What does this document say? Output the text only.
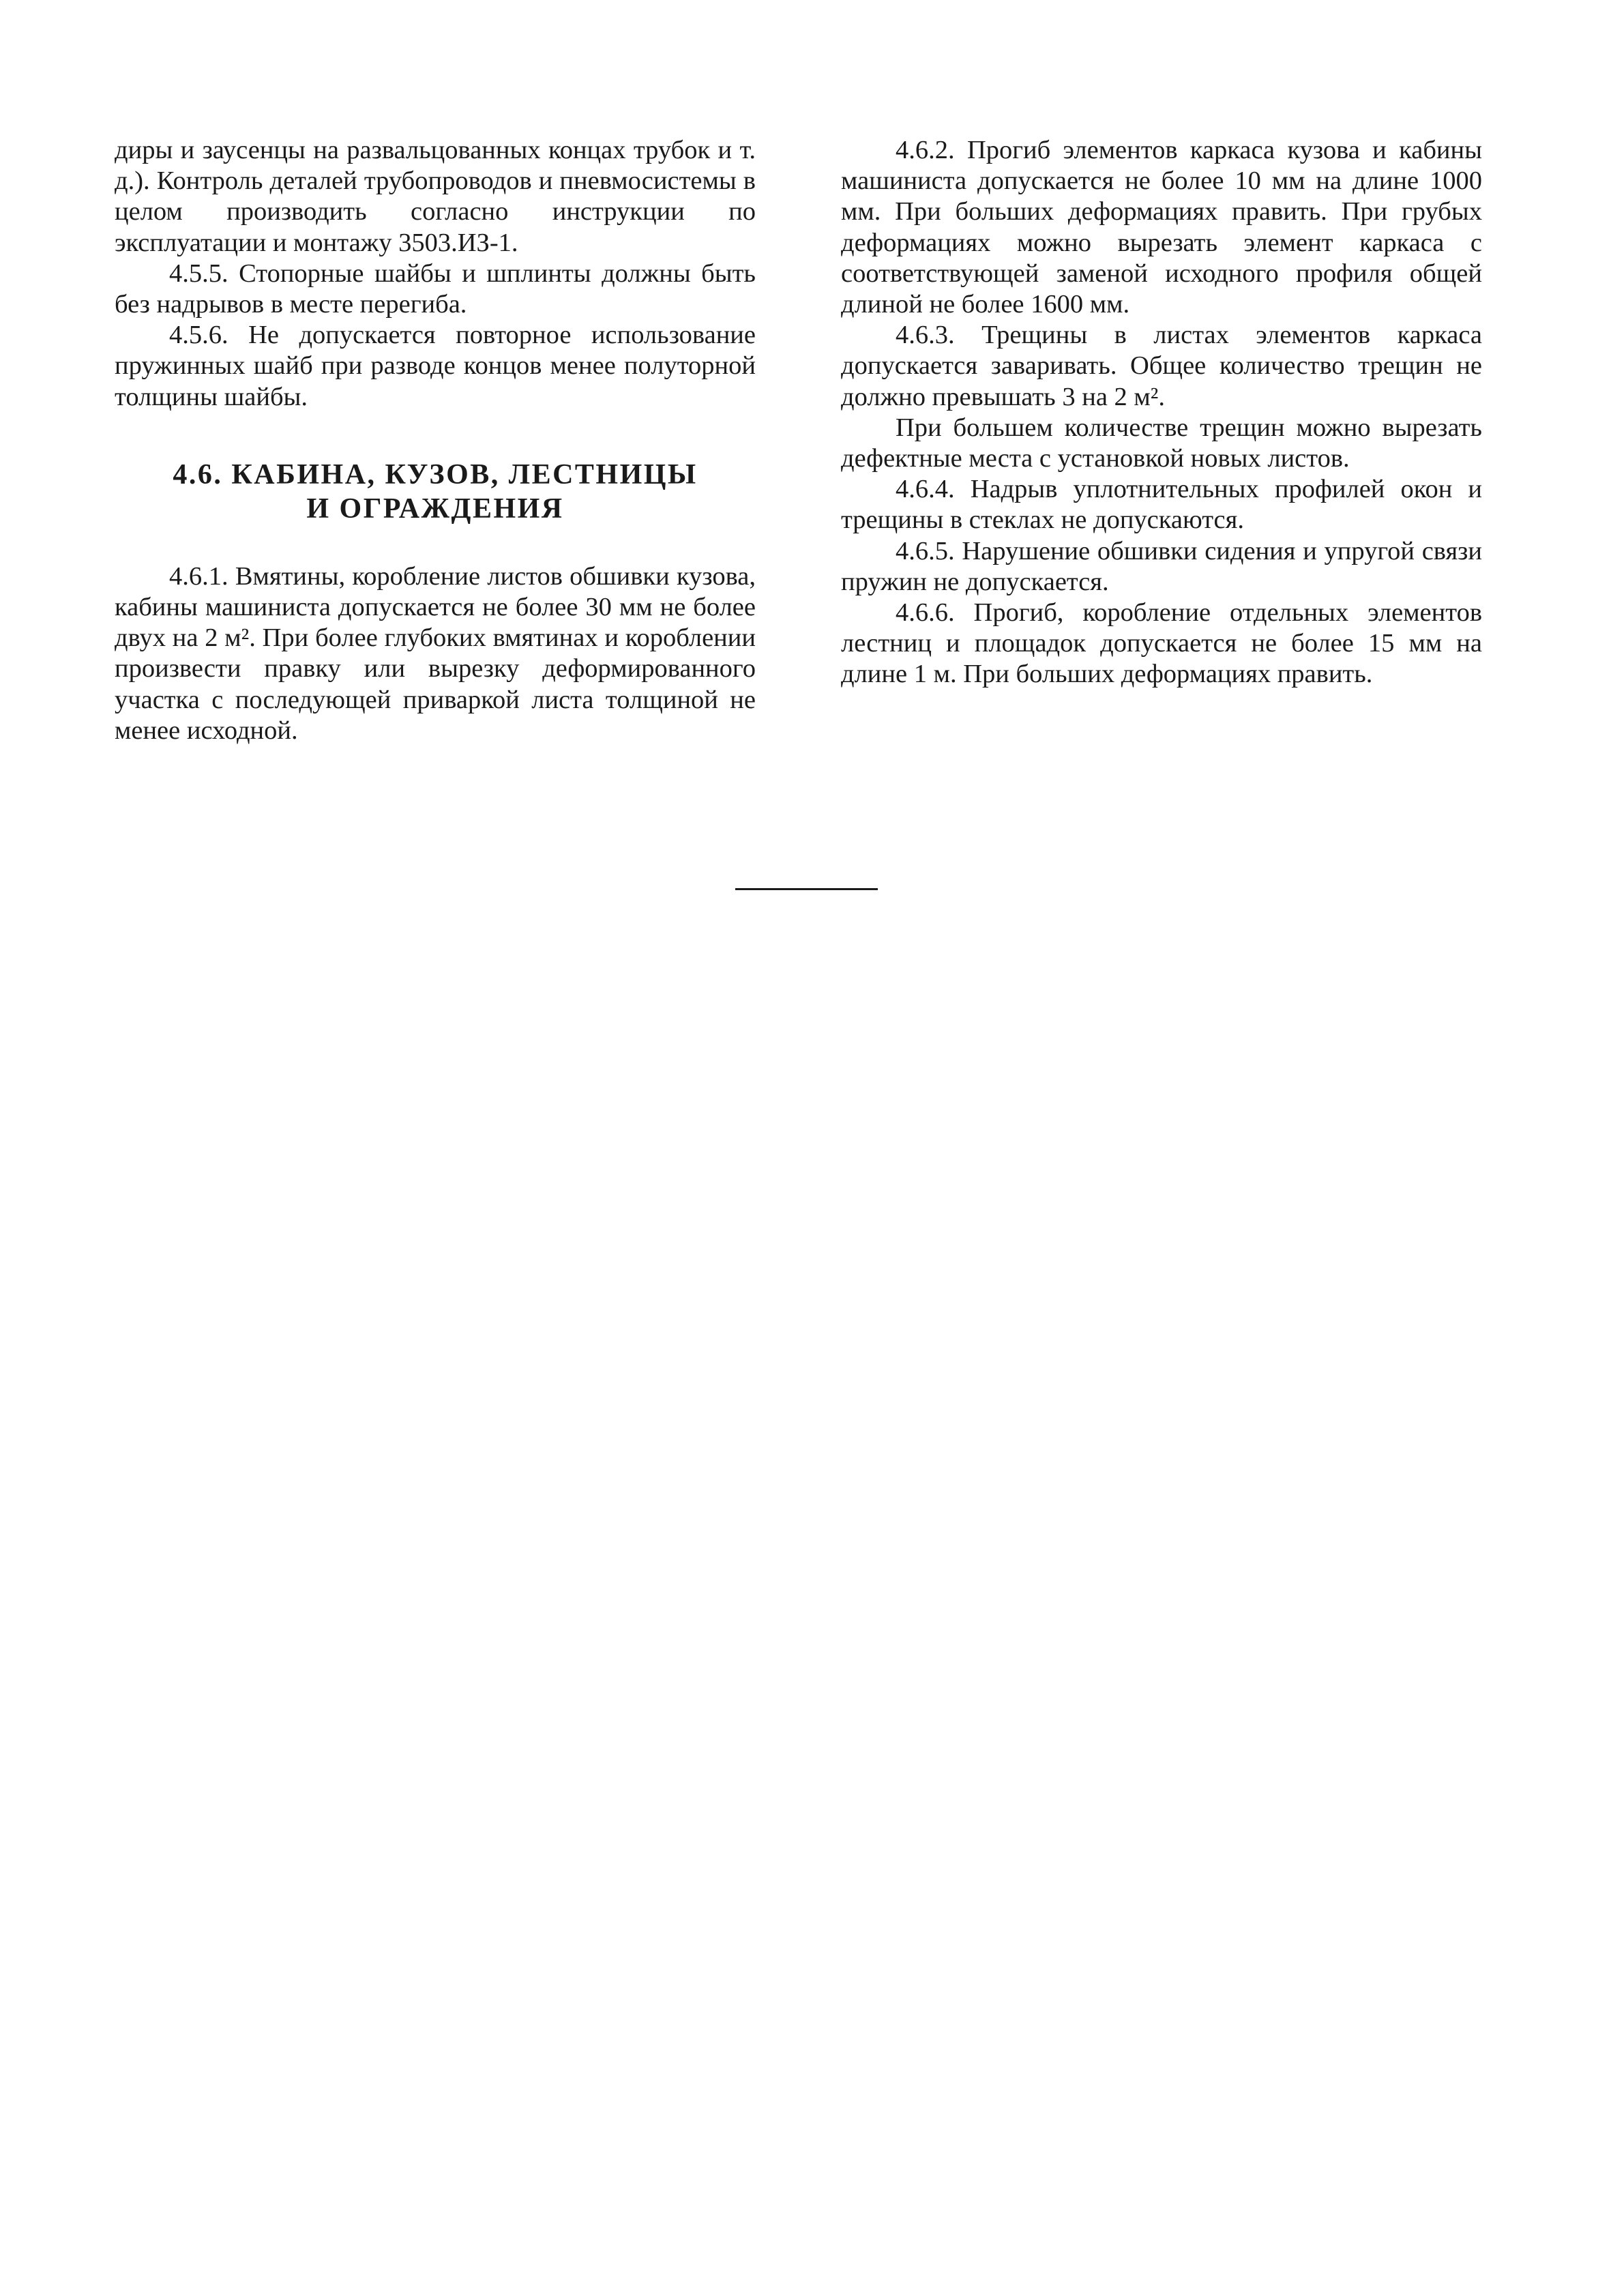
диры и заусенцы на развальцованных концах трубок и т. д.). Контроль деталей трубопроводов и пневмосистемы в целом производить согласно инструкции по эксплуатации и монтажу 3503.ИЗ-1.

4.5.5. Стопорные шайбы и шплинты должны быть без надрывов в месте перегиба.

4.5.6. Не допускается повторное использование пружинных шайб при разводе концов менее полуторной толщины шайбы.

4.6. КАБИНА, КУЗОВ, ЛЕСТНИЦЫ
И ОГРАЖДЕНИЯ

4.6.1. Вмятины, коробление листов обшивки кузова, кабины машиниста допускается не более 30 мм не более двух на 2 м². При более глубоких вмятинах и короблении произвести правку или вырезку деформированного участка с последующей приваркой листа толщиной не менее исходной.

4.6.2. Прогиб элементов каркаса кузова и кабины машиниста допускается не более 10 мм на длине 1000 мм. При больших деформациях править. При грубых деформациях можно вырезать элемент каркаса с соответствующей заменой исходного профиля общей длиной не более 1600 мм.

4.6.3. Трещины в листах элементов каркаса допускается заваривать. Общее количество трещин не должно превышать 3 на 2 м².

При большем количестве трещин можно вырезать дефектные места с установкой новых листов.

4.6.4. Надрыв уплотнительных профилей окон и трещины в стеклах не допускаются.

4.6.5. Нарушение обшивки сидения и упругой связи пружин не допускается.

4.6.6. Прогиб, коробление отдельных элементов лестниц и площадок допускается не более 15 мм на длине 1 м. При больших деформациях править.
